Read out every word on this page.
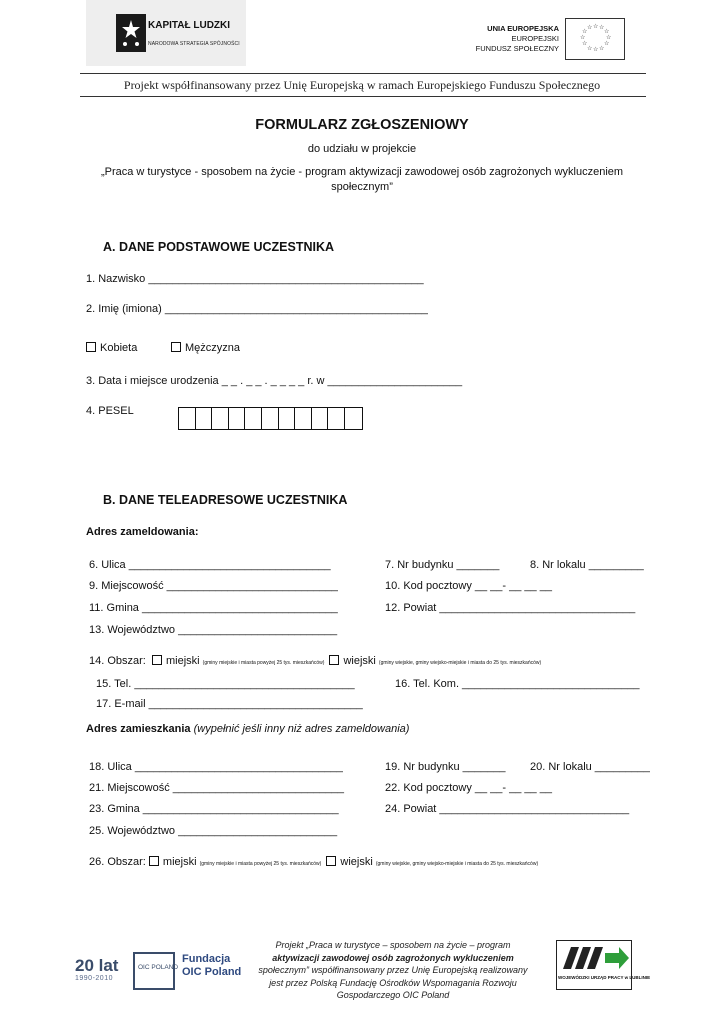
KAPITAŁ LUDZKI
NARODOWA STRATEGIA SPÓJNOŚCI
UNIA EUROPEJSKA
EUROPEJSKI
FUNDUSZ SPOŁECZNY
☆ ☆
☆
☆
☆
☆
☆
☆
☆
☆
☆
☆
Projekt współfinansowany przez Unię Europejską w ramach Europejskiego Funduszu Społecznego
FORMULARZ ZGŁOSZENIOWY
do udziału w projekcie
„Praca w turystyce - sposobem na życie - program aktywizacji zawodowej osób zagrożonych wykluczeniem
społecznym”
A. DANE PODSTAWOWE UCZESTNIKA
1. Nazwisko _____________________________________________
2. Imię (imiona) ___________________________________________
Kobieta	Mężczyzna
3. Data i miejsce urodzenia _ _ . _ _ . _ _ _ _ r. w ______________________
4. PESEL
B. DANE TELEADRESOWE UCZESTNIKA
Adres zameldowania:
6. Ulica _________________________________	7. Nr budynku _______	8. Nr lokalu _________
9. Miejscowość ____________________________	10. Kod pocztowy __ __- __ __ __
11. Gmina ________________________________	12. Powiat ________________________________
13. Województwo __________________________
14. Obszar: miejski (gminy miejskie i miasta powyżej 25 tys. mieszkańców) wiejski (gminy wiejskie, gminy wiejsko-miejskie i miasta do 25 tys. mieszkańców)
15. Tel. ____________________________________	16. Tel. Kom. _____________________________
17. E-mail ___________________________________
Adres zamieszkania (wypełnić jeśli inny niż adres zameldowania)
18. Ulica __________________________________	19. Nr budynku _______ 20. Nr lokalu _________
21. Miejscowość ____________________________	22. Kod pocztowy __ __- __ __ __
23. Gmina ________________________________	24. Powiat _______________________________
25. Województwo __________________________
26. Obszar: miejski (gminy miejskie i miasta powyżej 25 tys. mieszkańców) wiejski (gminy wiejskie, gminy wiejsko-miejskie i miasta do 25 tys. mieszkańców)
20 lat
1990-2010
OIC POLAND
Fundacja
OIC Poland
Projekt „Praca w turystyce – sposobem na życie – program
aktywizacji zawodowej osób zagrożonych wykluczeniem
społecznym” współfinansowany przez Unię Europejską realizowany
jest przez Polską Fundację Ośrodków Wspomagania Rozwoju
Gospodarczego OIC Poland
WOJEWÓDZKI URZĄD PRACY w LUBLINIE
